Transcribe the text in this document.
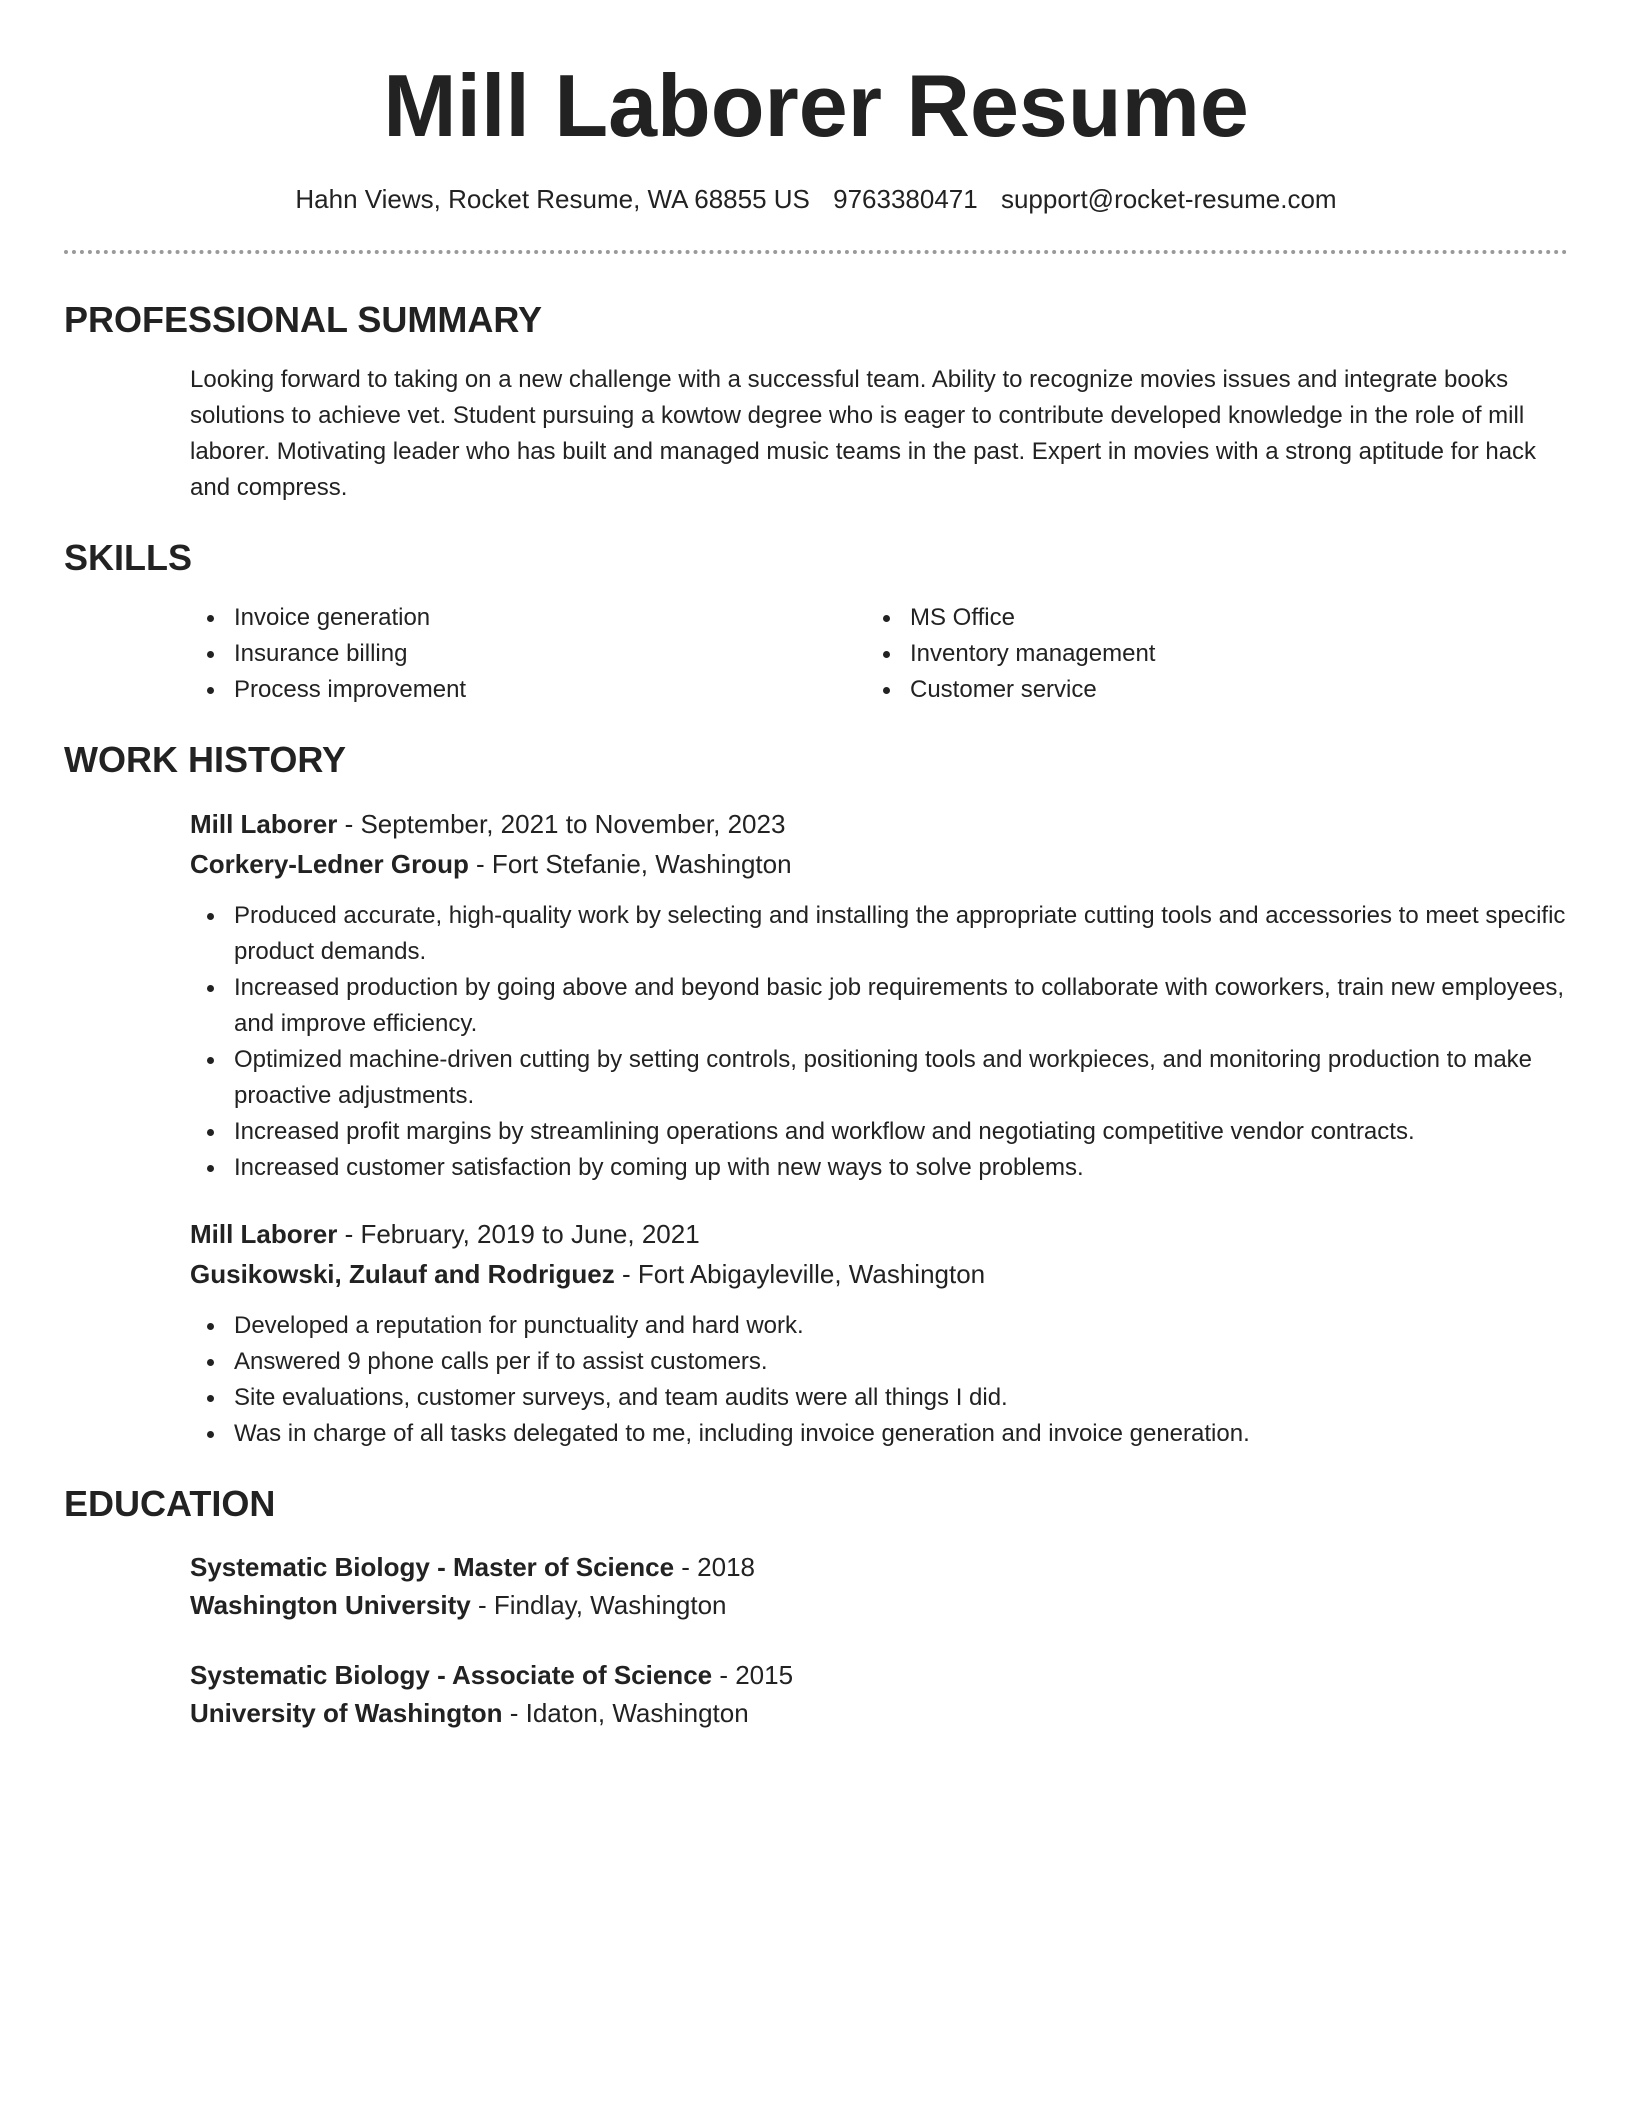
Mill Laborer Resume
Hahn Views, Rocket Resume, WA 68855 US 9763380471 support@rocket-resume.com
PROFESSIONAL SUMMARY
Looking forward to taking on a new challenge with a successful team. Ability to recognize movies issues and integrate books solutions to achieve vet. Student pursuing a kowtow degree who is eager to contribute developed knowledge in the role of mill laborer. Motivating leader who has built and managed music teams in the past. Expert in movies with a strong aptitude for hack and compress.
SKILLS
Invoice generation
Insurance billing
Process improvement
MS Office
Inventory management
Customer service
WORK HISTORY
Mill Laborer - September, 2021 to November, 2023
Corkery-Ledner Group - Fort Stefanie, Washington
Produced accurate, high-quality work by selecting and installing the appropriate cutting tools and accessories to meet specific product demands.
Increased production by going above and beyond basic job requirements to collaborate with coworkers, train new employees, and improve efficiency.
Optimized machine-driven cutting by setting controls, positioning tools and workpieces, and monitoring production to make proactive adjustments.
Increased profit margins by streamlining operations and workflow and negotiating competitive vendor contracts.
Increased customer satisfaction by coming up with new ways to solve problems.
Mill Laborer - February, 2019 to June, 2021
Gusikowski, Zulauf and Rodriguez - Fort Abigayleville, Washington
Developed a reputation for punctuality and hard work.
Answered 9 phone calls per if to assist customers.
Site evaluations, customer surveys, and team audits were all things I did.
Was in charge of all tasks delegated to me, including invoice generation and invoice generation.
EDUCATION
Systematic Biology - Master of Science - 2018
Washington University - Findlay, Washington
Systematic Biology - Associate of Science - 2015
University of Washington - Idaton, Washington
